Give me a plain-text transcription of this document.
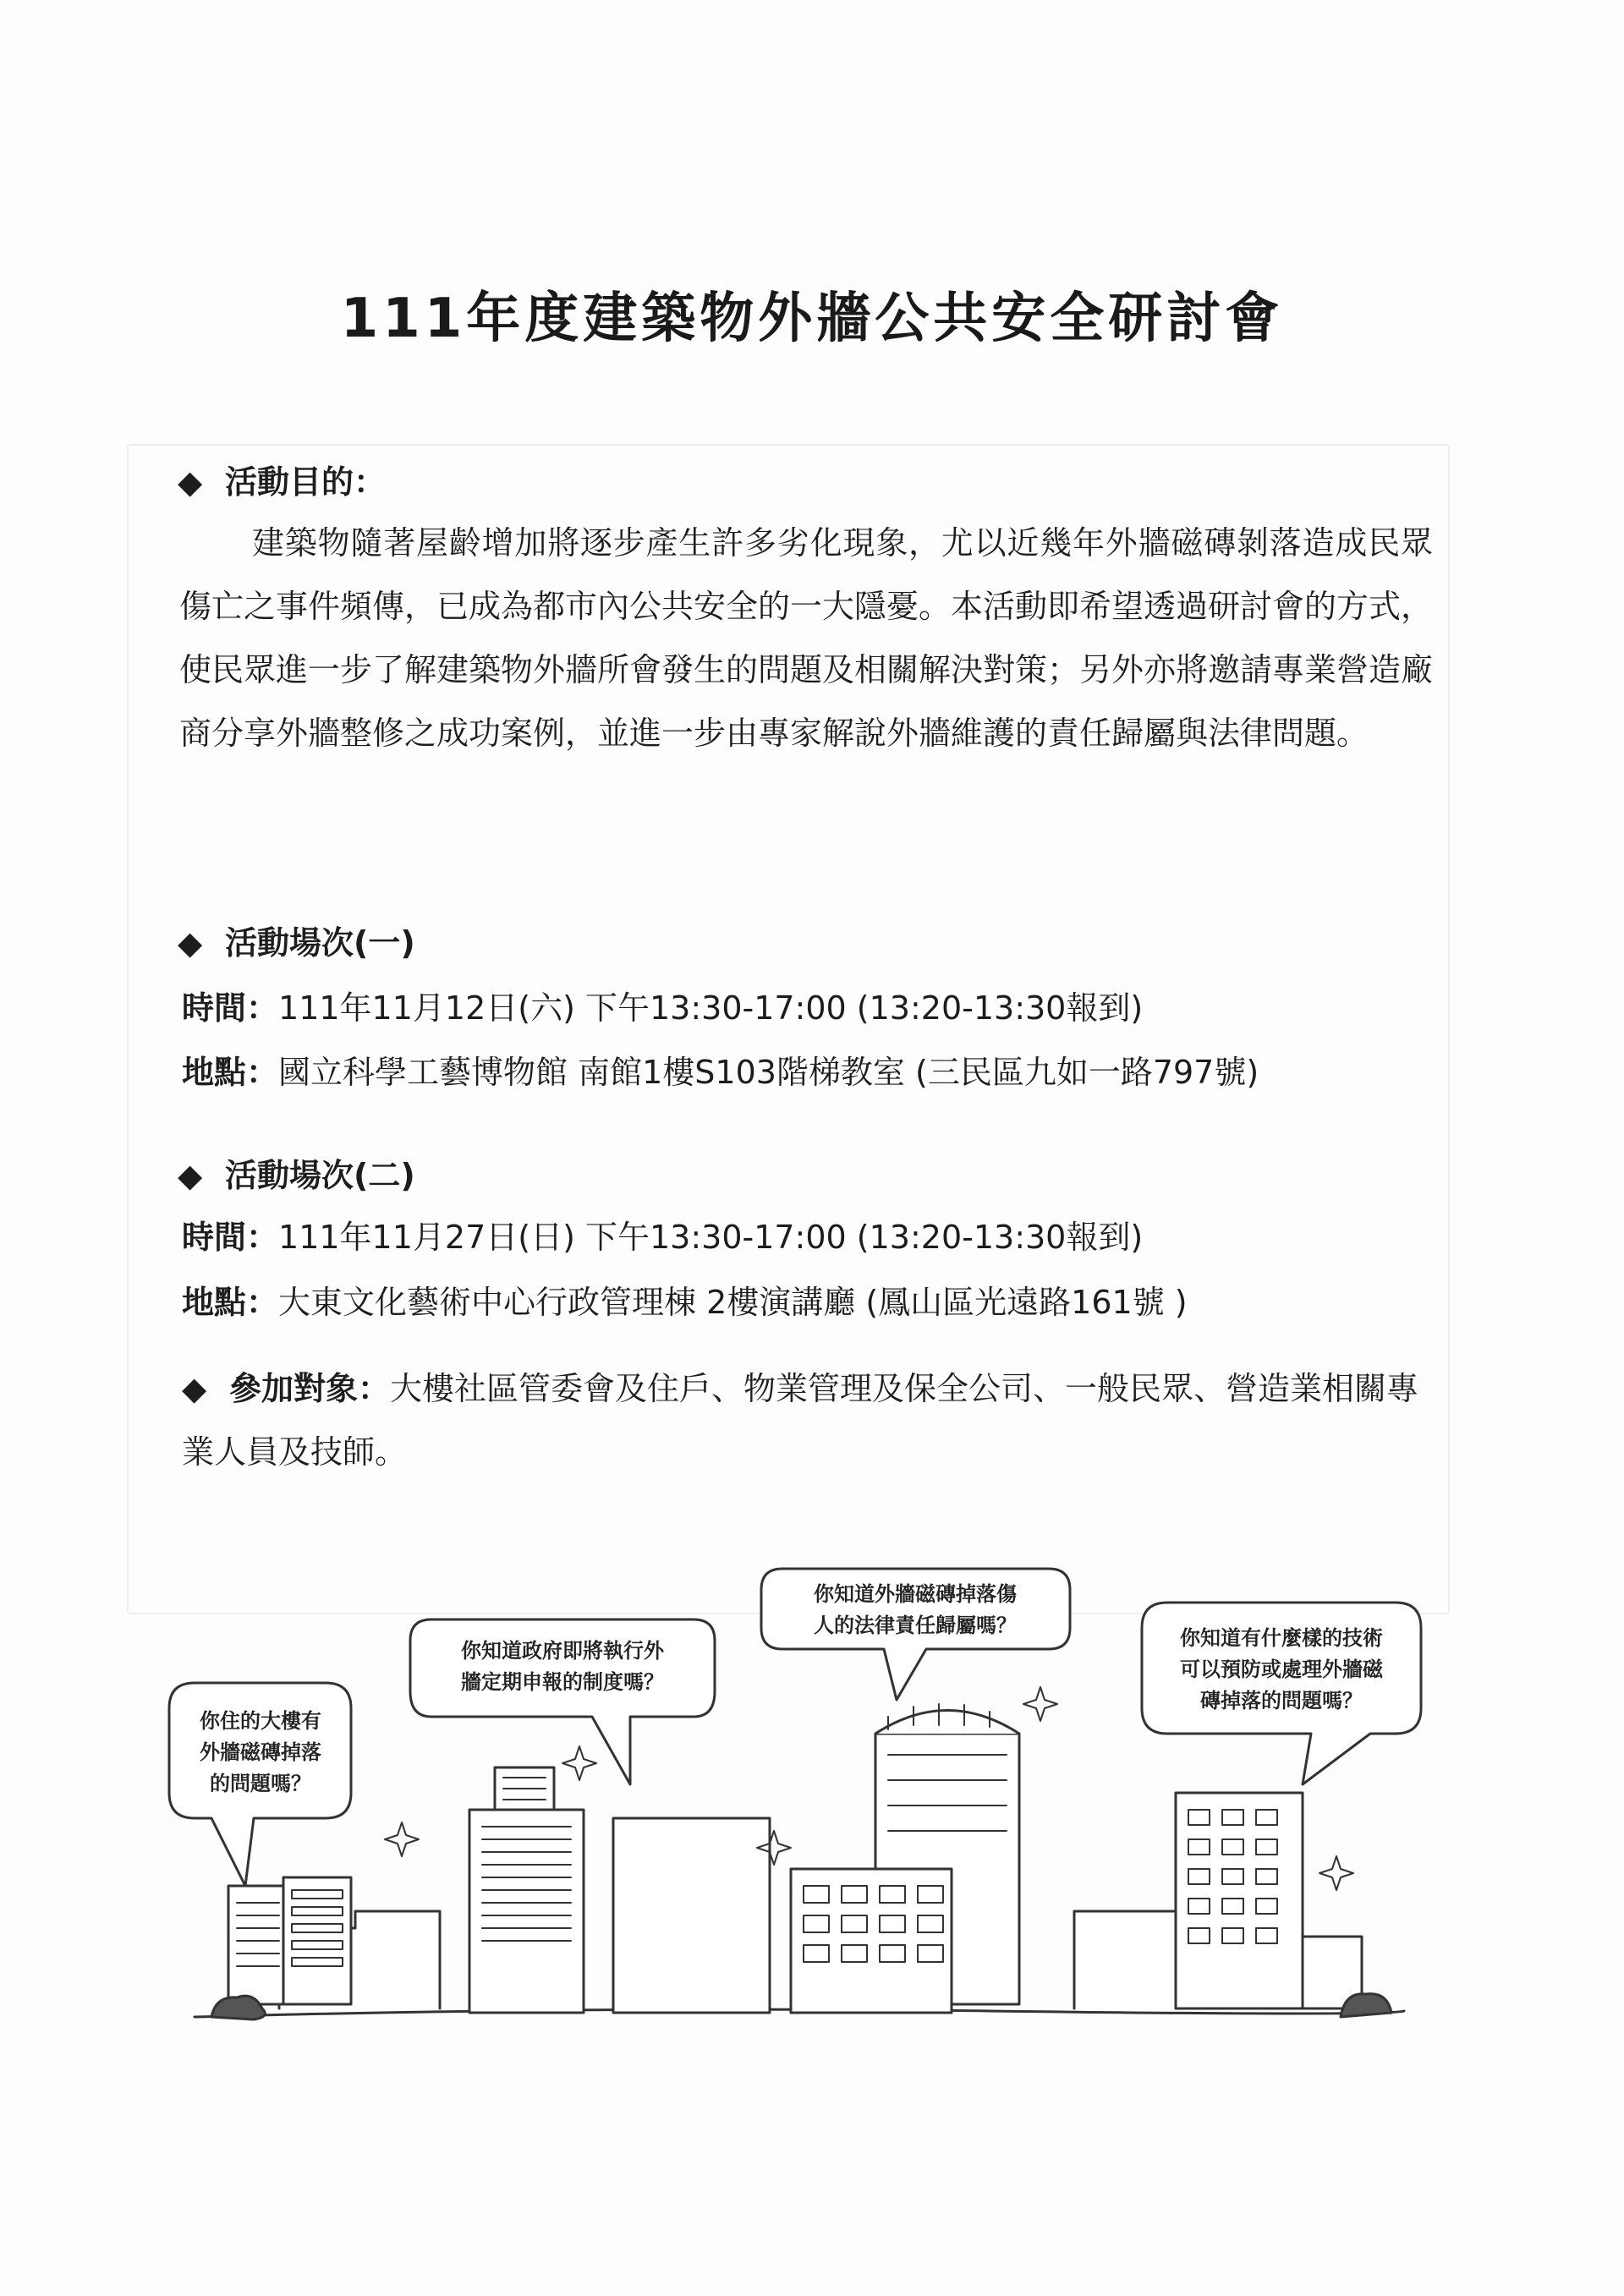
111年度建築物外牆公共安全研討會
◆ 活動目的：

建築物隨著屋齡增加將逐步產生許多劣化現象，尤以近幾年外牆磁磚剝落造成民眾傷亡之事件頻傳，已成為都市內公共安全的一大隱憂。本活動即希望透過研討會的方式，使民眾進一步了解建築物外牆所會發生的問題及相關解決對策；另外亦將邀請專業營造廠商分享外牆整修之成功案例，並進一步由專家解說外牆維護的責任歸屬與法律問題。

◆ 活動場次(一)
時間：111年11月12日(六) 下午13:30-17:00 (13:20-13:30報到)
地點：國立科學工藝博物館 南館1樓S103階梯教室 (三民區九如一路797號)
◆ 活動場次(二)
時間：111年11月27日(日) 下午13:30-17:00 (13:20-13:30報到)
地點：大東文化藝術中心行政管理棟 2樓演講廳 (鳳山區光遠路161號 )

◆ 參加對象：大樓社區管委會及住戶、物業管理及保全公司、一般民眾、營造業相關專業人員及技師。

你住的大樓有
外牆磁磚掉落
的問題嗎？
你知道政府即將執行外
牆定期申報的制度嗎？
你知道外牆磁磚掉落傷
人的法律責任歸屬嗎？
你知道有什麼樣的技術
可以預防或處理外牆磁
磚掉落的問題嗎？
